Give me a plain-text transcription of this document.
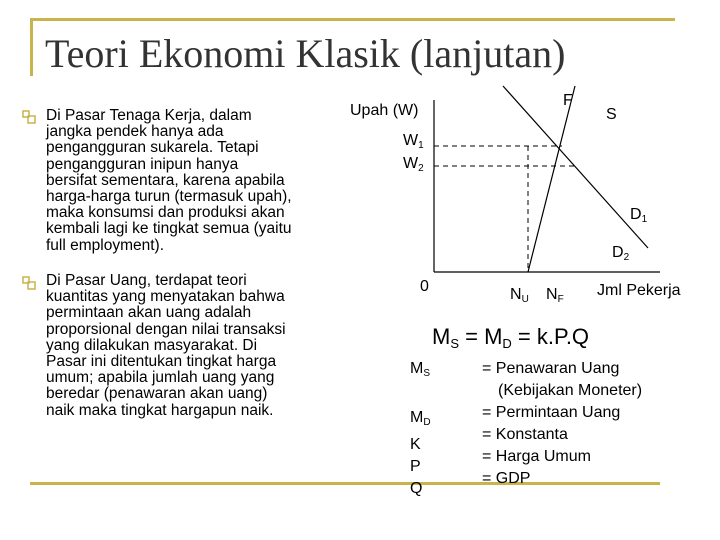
Teori Ekonomi Klasik (lanjutan)
Di Pasar Tenaga Kerja, dalam
jangka pendek hanya ada
pengangguran sukarela. Tetapi
pengangguran inipun hanya
bersifat sementara, karena apabila
harga-harga turun (termasuk upah),
maka konsumsi dan produksi akan
kembali lagi ke tingkat semua (yaitu
full employment).
Di Pasar Uang, terdapat teori
kuantitas yang menyatakan bahwa
permintaan akan uang adalah
proporsional dengan nilai transaksi
yang dilakukan masyarakat. Di
Pasar ini ditentukan tingkat harga
umum; apabila jumlah uang yang
beredar (penawaran akan uang)
naik maka tingkat hargapun naik.
Upah (W)
$W_1$
$W_2$
F
S
$D_1$
$D_2$
0	$N_U$ $N_F$
Jml Pekerja
$M_S = M_D = k.P.Q$
$M_S$

$M_D$
K
P
Q
= Penawaran Uang
(Kebijakan Moneter)
= Permintaan Uang
= Konstanta
= Harga Umum
= GDP
